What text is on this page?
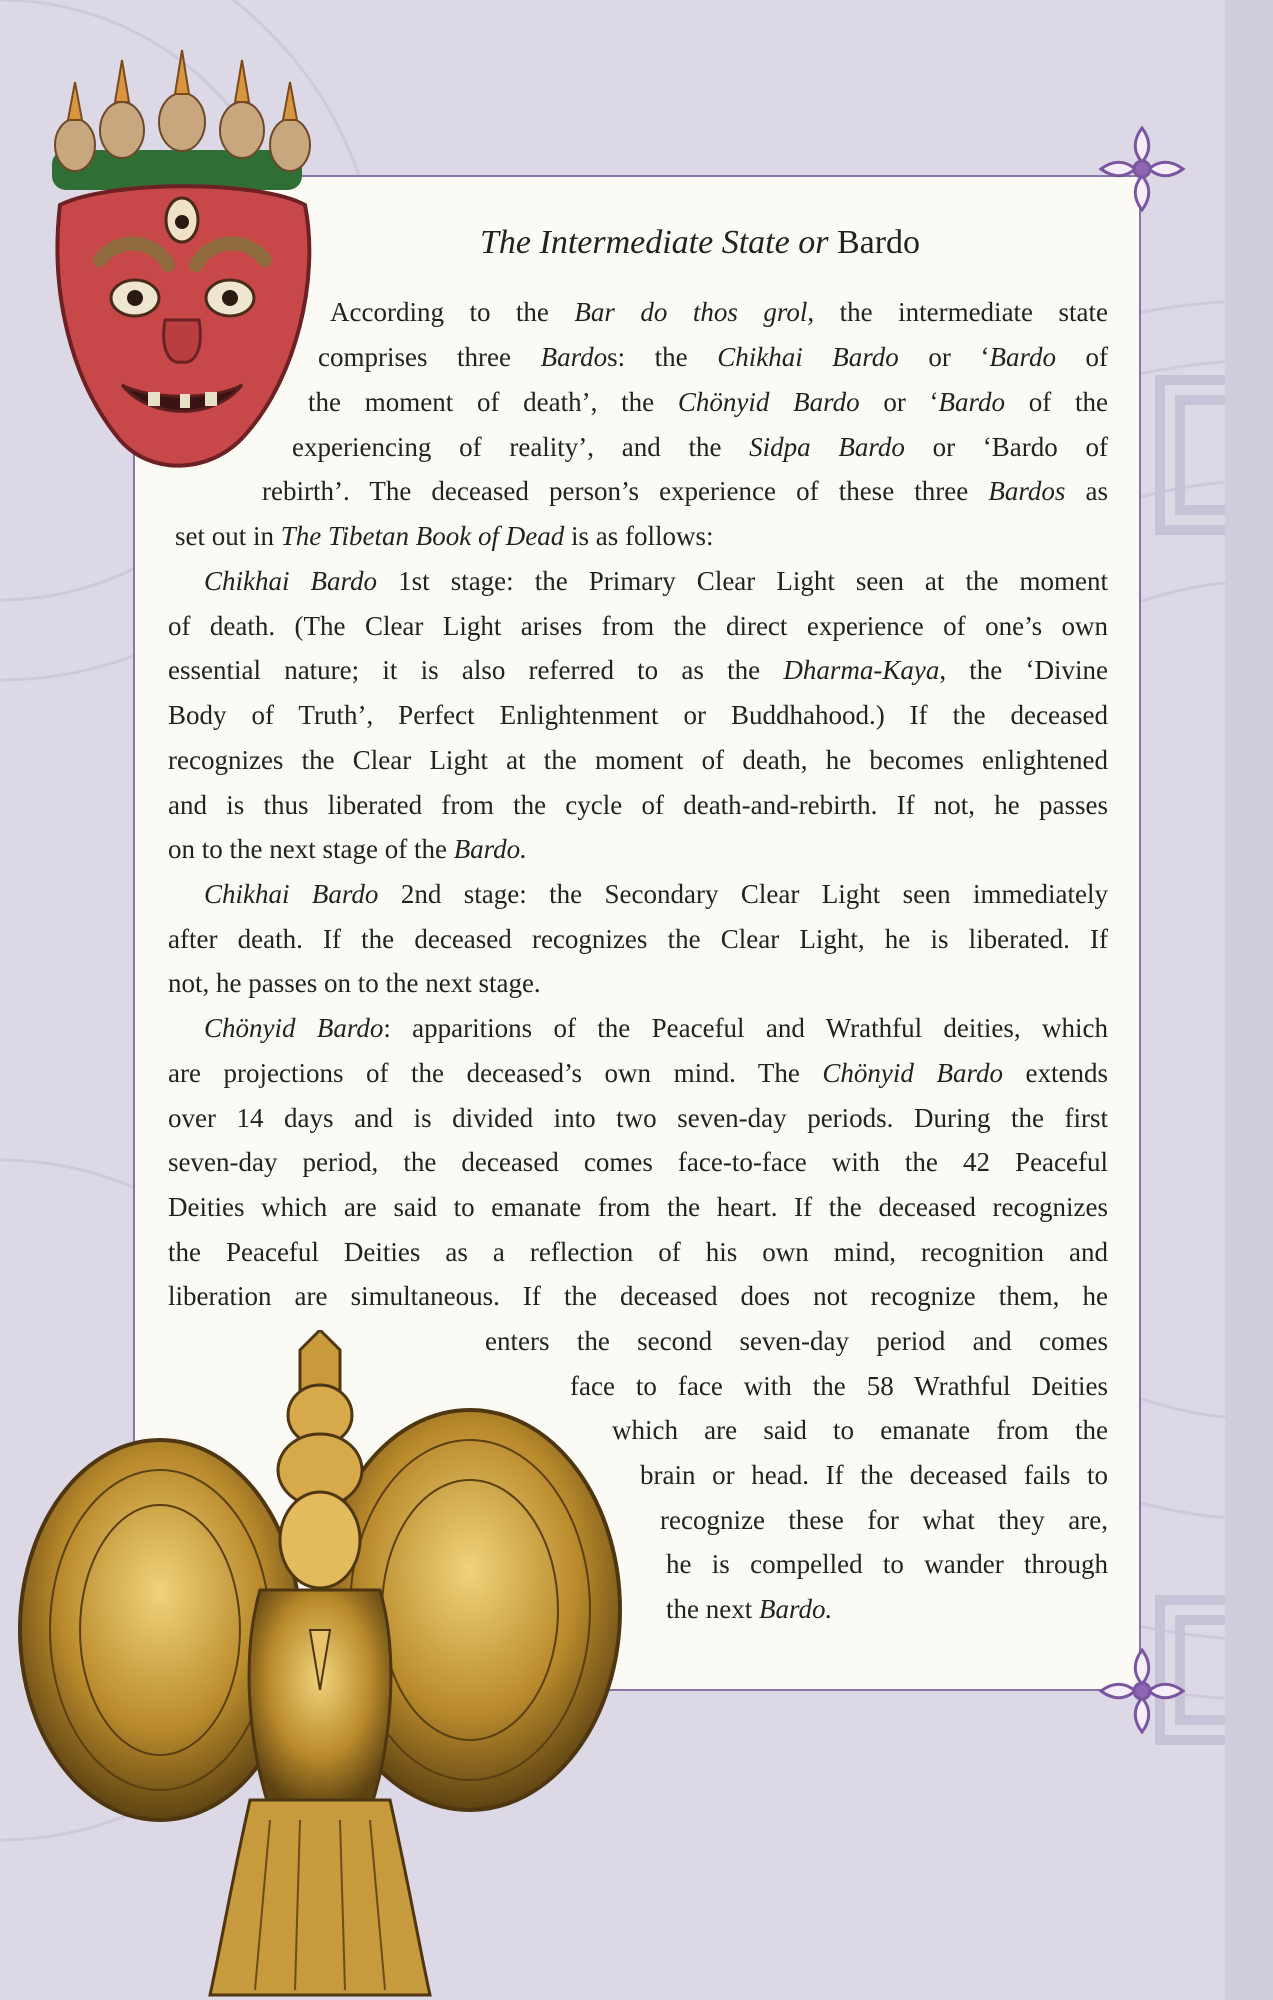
The Intermediate State or Bardo
According to the Bar do thos grol, the intermediate state
comprises three Bardos: the Chikhai Bardo or ‘Bardo of
the moment of death’, the Chönyid Bardo or ‘Bardo of the
experiencing of reality’, and the Sidpa Bardo or ‘Bardo of
rebirth’. The deceased person’s experience of these three Bardos as
set out in The Tibetan Book of Dead is as follows:
Chikhai Bardo 1st stage: the Primary Clear Light seen at the moment
of death. (The Clear Light arises from the direct experience of one’s own
essential nature; it is also referred to as the Dharma-Kaya, the ‘Divine
Body of Truth’, Perfect Enlightenment or Buddhahood.) If the deceased
recognizes the Clear Light at the moment of death, he becomes enlightened
and is thus liberated from the cycle of death-and-rebirth. If not, he passes
on to the next stage of the Bardo.
Chikhai Bardo 2nd stage: the Secondary Clear Light seen immediately
after death. If the deceased recognizes the Clear Light, he is liberated. If
not, he passes on to the next stage.
Chönyid Bardo: apparitions of the Peaceful and Wrathful deities, which
are projections of the deceased’s own mind. The Chönyid Bardo extends
over 14 days and is divided into two seven-day periods. During the first
seven-day period, the deceased comes face-to-face with the 42 Peaceful
Deities which are said to emanate from the heart. If the deceased recognizes
the Peaceful Deities as a reflection of his own mind, recognition and
liberation are simultaneous. If the deceased does not recognize them, he
enters the second seven-day period and comes
face to face with the 58 Wrathful Deities
which are said to emanate from the
brain or head. If the deceased fails to
recognize these for what they are,
he is compelled to wander through
the next Bardo.
